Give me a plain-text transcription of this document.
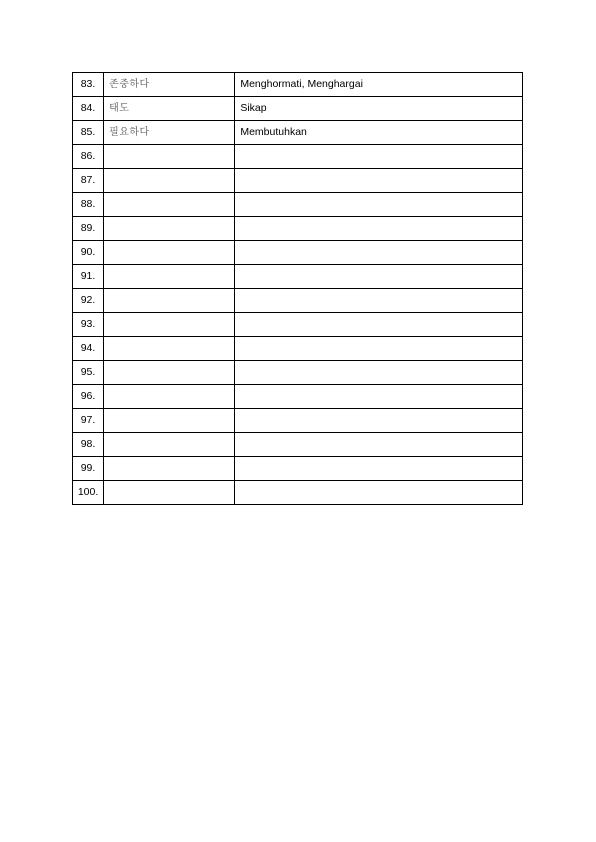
83.	존중하다	Menghormati, Menghargai
84.	태도	Sikap
85.	필요하다	Membutuhkan
86.		
87.		
88.		
89.		
90.		
91.		
92.		
93.		
94.		
95.		
96.		
97.		
98.		
99.		
100.		
